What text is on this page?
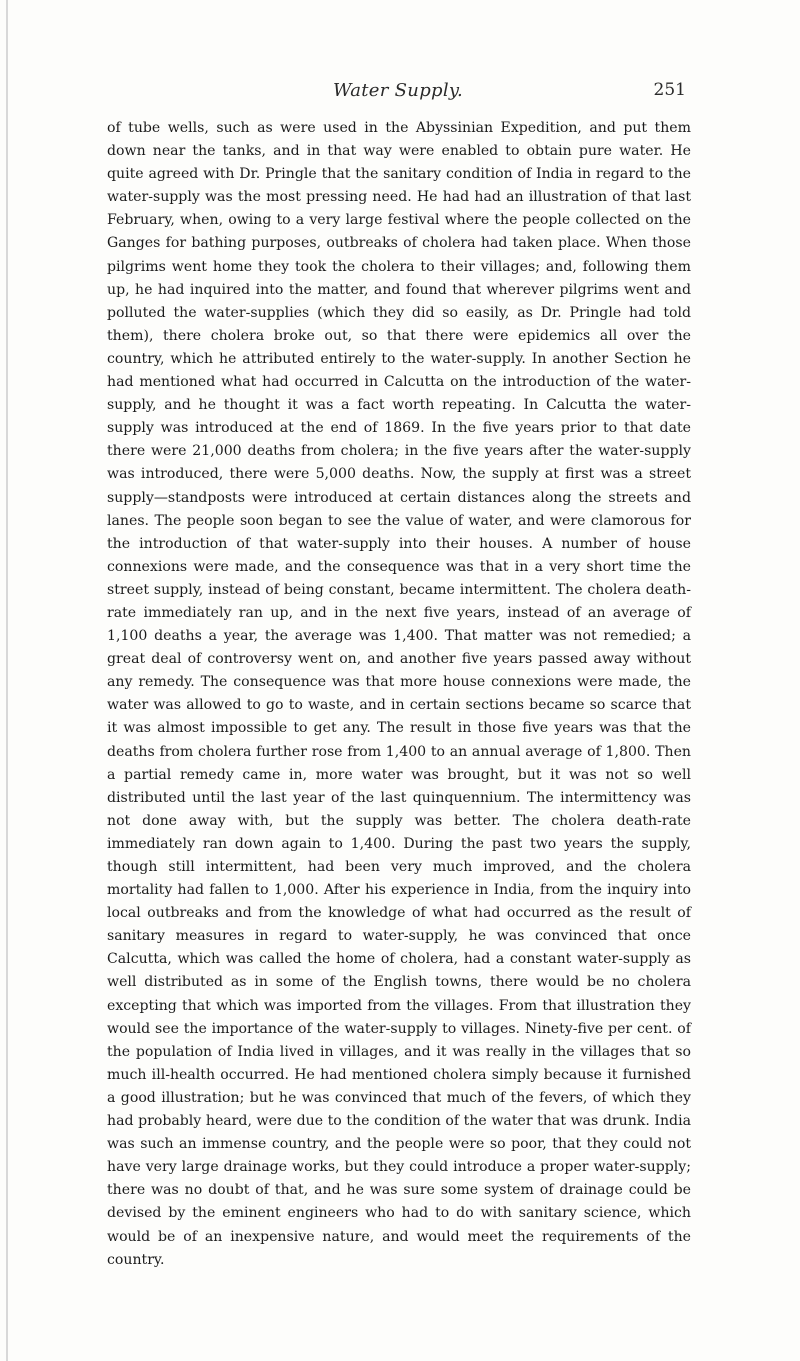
Water Supply.	251

of tube wells, such as were used in the Abyssinian Expedition, and put them down near the tanks, and in that way were enabled to obtain pure water. He quite agreed with Dr. Pringle that the sanitary condition of India in regard to the water-supply was the most pressing need. He had had an illustration of that last February, when, owing to a very large festival where the people collected on the Ganges for bathing purposes, outbreaks of cholera had taken place. When those pilgrims went home they took the cholera to their villages; and, following them up, he had inquired into the matter, and found that wherever pilgrims went and polluted the water-supplies (which they did so easily, as Dr. Pringle had told them), there cholera broke out, so that there were epidemics all over the country, which he attributed entirely to the water-supply. In another Section he had mentioned what had occurred in Calcutta on the introduction of the water-supply, and he thought it was a fact worth repeating. In Calcutta the water-supply was introduced at the end of 1869. In the five years prior to that date there were 21,000 deaths from cholera; in the five years after the water-supply was introduced, there were 5,000 deaths. Now, the supply at first was a street supply—standposts were introduced at certain distances along the streets and lanes. The people soon began to see the value of water, and were clamorous for the introduction of that water-supply into their houses. A number of house connexions were made, and the consequence was that in a very short time the street supply, instead of being constant, became intermittent. The cholera death-rate immediately ran up, and in the next five years, instead of an average of 1,100 deaths a year, the average was 1,400. That matter was not remedied; a great deal of controversy went on, and another five years passed away without any remedy. The consequence was that more house connexions were made, the water was allowed to go to waste, and in certain sections became so scarce that it was almost impossible to get any. The result in those five years was that the deaths from cholera further rose from 1,400 to an annual average of 1,800. Then a partial remedy came in, more water was brought, but it was not so well distributed until the last year of the last quinquennium. The intermittency was not done away with, but the supply was better. The cholera death-rate immediately ran down again to 1,400. During the past two years the supply, though still intermittent, had been very much improved, and the cholera mortality had fallen to 1,000. After his experience in India, from the inquiry into local outbreaks and from the knowledge of what had occurred as the result of sanitary measures in regard to water-supply, he was convinced that once Calcutta, which was called the home of cholera, had a constant water-supply as well distributed as in some of the English towns, there would be no cholera excepting that which was imported from the villages. From that illustration they would see the importance of the water-supply to villages. Ninety-five per cent. of the population of India lived in villages, and it was really in the villages that so much ill-health occurred. He had mentioned cholera simply because it furnished a good illustration; but he was convinced that much of the fevers, of which they had probably heard, were due to the condition of the water that was drunk. India was such an immense country, and the people were so poor, that they could not have very large drainage works, but they could introduce a proper water-supply; there was no doubt of that, and he was sure some system of drainage could be devised by the eminent engineers who had to do with sanitary science, which would be of an inexpensive nature, and would meet the requirements of the country.
